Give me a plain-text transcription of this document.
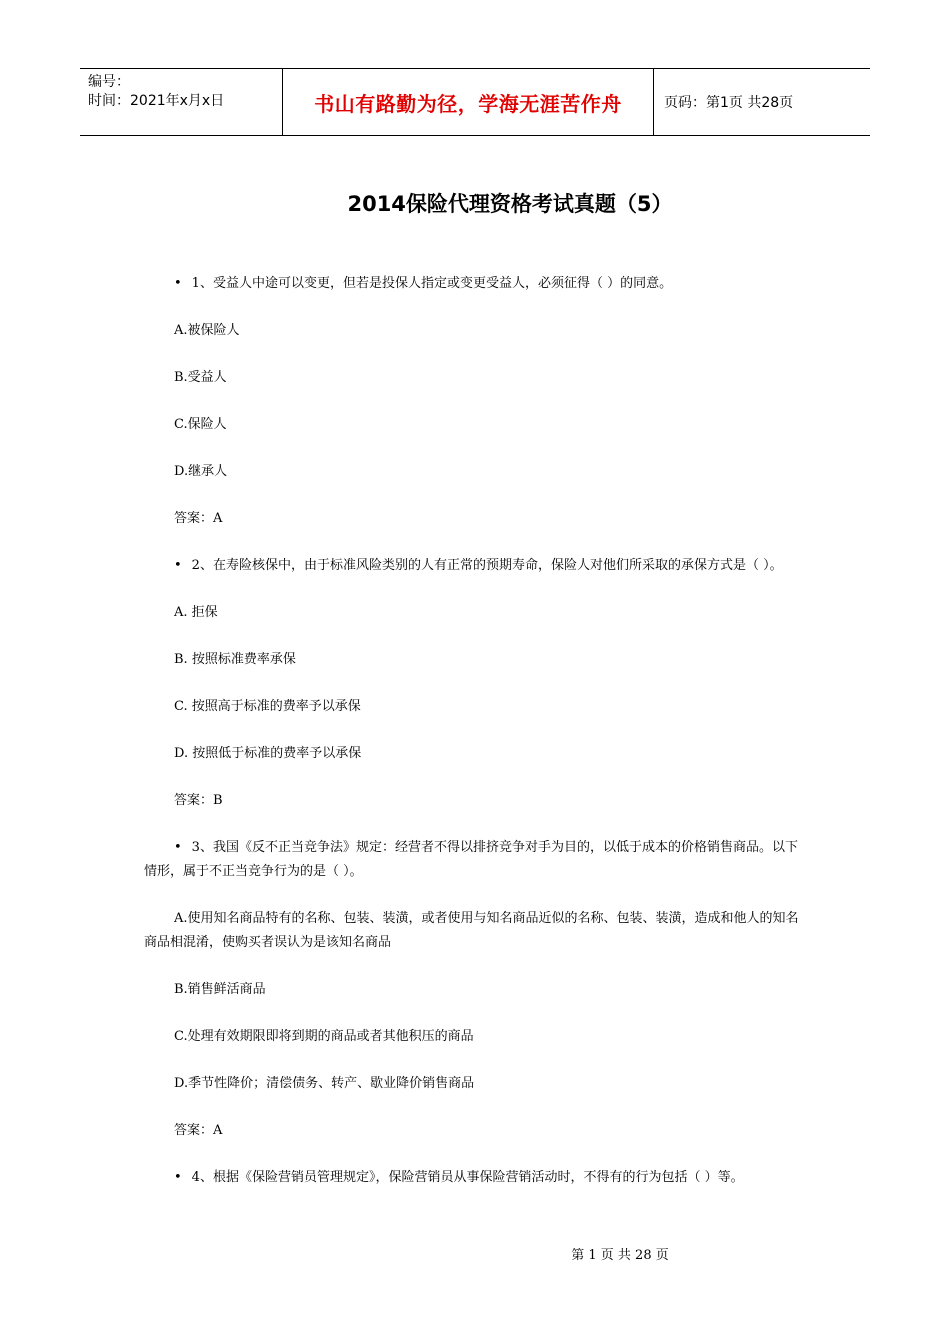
编号：
时间：2021年x月x日	书山有路勤为径，学海无涯苦作舟	页码：第1页 共28页
2014保险代理资格考试真题（5）

• 1、受益人中途可以变更，但若是投保人指定或变更受益人，必须征得（ ）的同意。

A.被保险人

B.受益人

C.保险人

D.继承人

答案：A

• 2、在寿险核保中，由于标准风险类别的人有正常的预期寿命，保险人对他们所采取的承保方式是（ ）。

A. 拒保

B. 按照标准费率承保

C. 按照高于标准的费率予以承保

D. 按照低于标准的费率予以承保

答案：B

• 3、我国《反不正当竞争法》规定：经营者不得以排挤竞争对手为目的，以低于成本的价格销售商品。以下情形，属于不正当竞争行为的是（ ）。

A.使用知名商品特有的名称、包装、装潢，或者使用与知名商品近似的名称、包装、装潢，造成和他人的知名商品相混淆，使购买者误认为是该知名商品

B.销售鲜活商品

C.处理有效期限即将到期的商品或者其他积压的商品

D.季节性降价；清偿债务、转产、歇业降价销售商品

答案：A

• 4、根据《保险营销员管理规定》，保险营销员从事保险营销活动时，不得有的行为包括（ ）等。

第 1 页 共 28 页
